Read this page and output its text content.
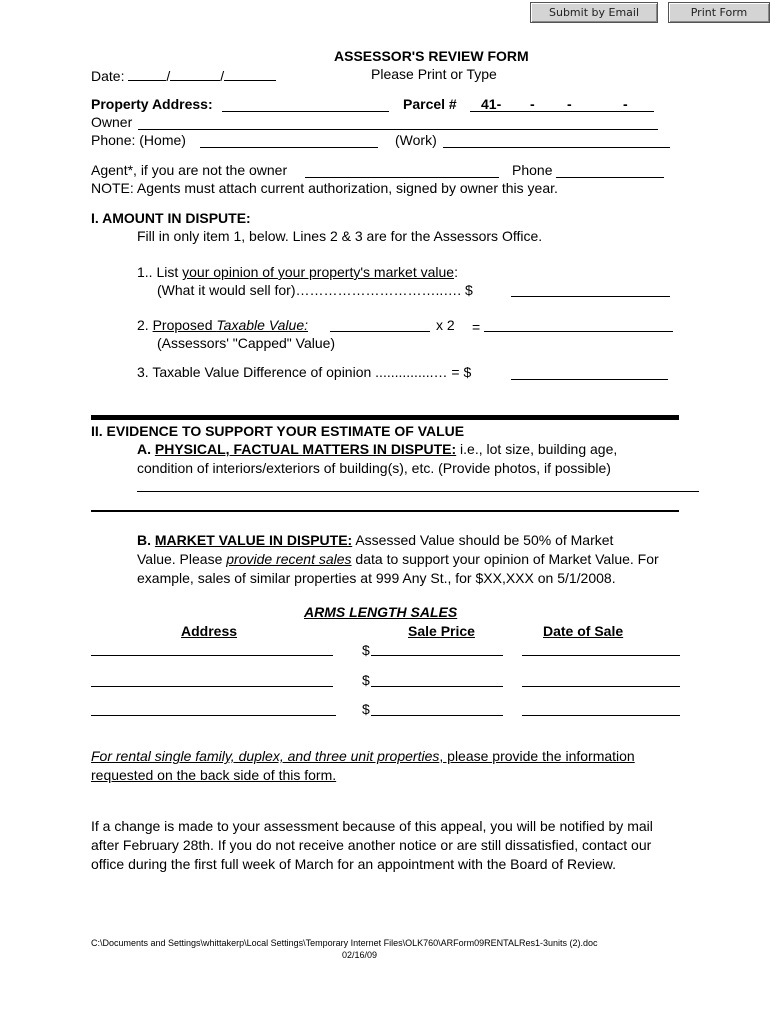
Submit by Email	Print Form
ASSESSOR'S REVIEW FORM
Please Print or Type
Date:	/	/
Property Address:	Parcel # 41- - -	-
Owner
Phone: (Home)	(Work)
Agent*, if you are not the owner	Phone
NOTE: Agents must attach current authorization, signed by owner this year.
I. AMOUNT IN DISPUTE:
Fill in only item 1, below. Lines 2 & 3 are for the Assessors Office.
1.. List your opinion of your property's market value:
(What it would sell for)…………………………..…. $
2. Proposed Taxable Value:	x 2 =
(Assessors' "Capped" Value)
3. Taxable Value Difference of opinion ...............… = $
II. EVIDENCE TO SUPPORT YOUR ESTIMATE OF VALUE
A. PHYSICAL, FACTUAL MATTERS IN DISPUTE: i.e., lot size, building age,
condition of interiors/exteriors of building(s), etc. (Provide photos, if possible)
B. MARKET VALUE IN DISPUTE: Assessed Value should be 50% of Market
Value. Please provide recent sales data to support your opinion of Market Value. For
example, sales of similar properties at 999 Any St., for $XX,XXX on 5/1/2008.
ARMS LENGTH SALES
Address	Sale Price	Date of Sale
$
$
$
For rental single family, duplex, and three unit properties, please provide the information
requested on the back side of this form.
If a change is made to your assessment because of this appeal, you will be notified by mail
after February 28th. If you do not receive another notice or are still dissatisfied, contact our
office during the first full week of March for an appointment with the Board of Review.
C:\Documents and Settings\whittakerp\Local Settings\Temporary Internet Files\OLK760\ARForm09RENTALRes1-3units (2).doc
02/16/09
